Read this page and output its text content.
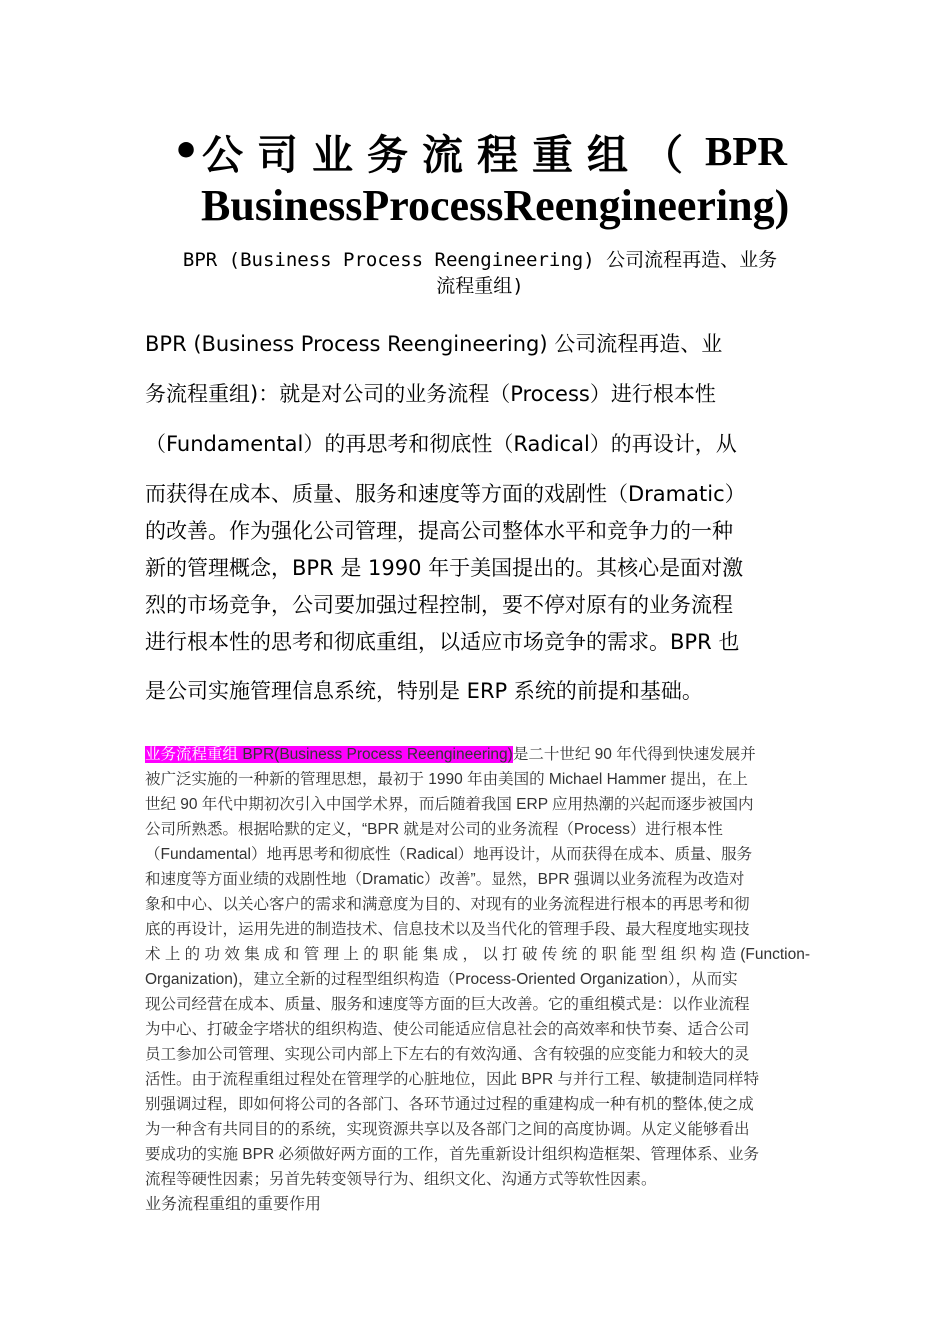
• 公司业务流程重组（ BPR
BusinessProcessReengineering)
BPR (Business Process Reengineering) 公司流程再造、业务
流程重组)
BPR (Business Process Reengineering) 公司流程再造、业
务流程重组)：就是对公司的业务流程（Process）进行根本性
（Fundamental）的再思考和彻底性（Radical）的再设计，从
而获得在成本、质量、服务和速度等方面的戏剧性（Dramatic）
的改善。作为强化公司管理，提高公司整体水平和竞争力的一种
新的管理概念，BPR 是 1990 年于美国提出的。其核心是面对激
烈的市场竞争，公司要加强过程控制，要不停对原有的业务流程
进行根本性的思考和彻底重组，以适应市场竞争的需求。BPR 也
是公司实施管理信息系统，特别是 ERP 系统的前提和基础。
业务流程重组 BPR(Business Process Reengineering)是二十世纪 90 年代得到快速发展并
被广泛实施的一种新的管理思想，最初于 1990 年由美国的 Michael Hammer 提出，在上
世纪 90 年代中期初次引入中国学术界，而后随着我国 ERP 应用热潮的兴起而逐步被国内
公司所熟悉。根据哈默的定义，“BPR 就是对公司的业务流程（Process）进行根本性
（Fundamental）地再思考和彻底性（Radical）地再设计，从而获得在成本、质量、服务
和速度等方面业绩的戏剧性地（Dramatic）改善”。显然，BPR 强调以业务流程为改造对
象和中心、以关心客户的需求和满意度为目的、对现有的业务流程进行根本的再思考和彻
底的再设计，运用先进的制造技术、信息技术以及当代化的管理手段、最大程度地实现技
术上的功效集成和管理上的职能集成，以打破传统的职能型组织构造(Function-
Organization)，建立全新的过程型组织构造（Process-Oriented Organization），从而实
现公司经营在成本、质量、服务和速度等方面的巨大改善。它的重组模式是：以作业流程
为中心、打破金字塔状的组织构造、使公司能适应信息社会的高效率和快节奏、适合公司
员工参加公司管理、实现公司内部上下左右的有效沟通、含有较强的应变能力和较大的灵
活性。由于流程重组过程处在管理学的心脏地位，因此 BPR 与并行工程、敏捷制造同样特
别强调过程，即如何将公司的各部门、各环节通过过程的重建构成一种有机的整体,使之成
为一种含有共同目的的系统，实现资源共享以及各部门之间的高度协调。从定义能够看出
要成功的实施 BPR 必须做好两方面的工作，首先重新设计组织构造框架、管理体系、业务
流程等硬性因素；另首先转变领导行为、组织文化、沟通方式等软性因素。
业务流程重组的重要作用
